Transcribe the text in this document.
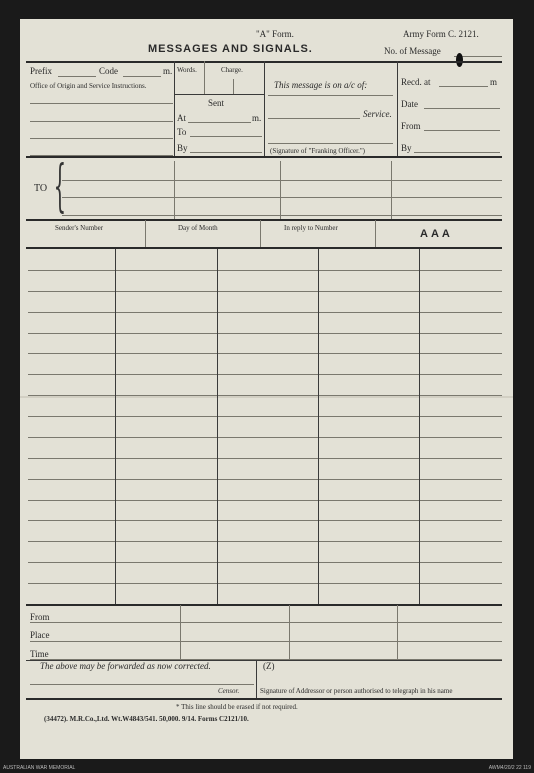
"A" Form.	Army Form C. 2121.
MESSAGES AND SIGNALS.	No. of Message
Prefix	Code	m.
Office of Origin and Service Instructions.
Words.	Charge.
Sent
At	m.
To
By
This message is on a/c of:
Service.
(Signature of "Franking Officer.")
Recd. at	m
Date
From
By
TO {
Sender's Number	Day of Month	In reply to Number	AAA
From
Place
Time
The above may be forwarded as now corrected.	(Z)
Censor.	Signature of Addressor or person authorised to telegraph in his name
* This line should be erased if not required.
(34472). M.R.Co.,Ltd. Wt.W4843/541. 50,000. 9/14. Forms C2121/10.
AUSTRALIAN WAR MEMORIAL	AWM4/20/2 22 119
